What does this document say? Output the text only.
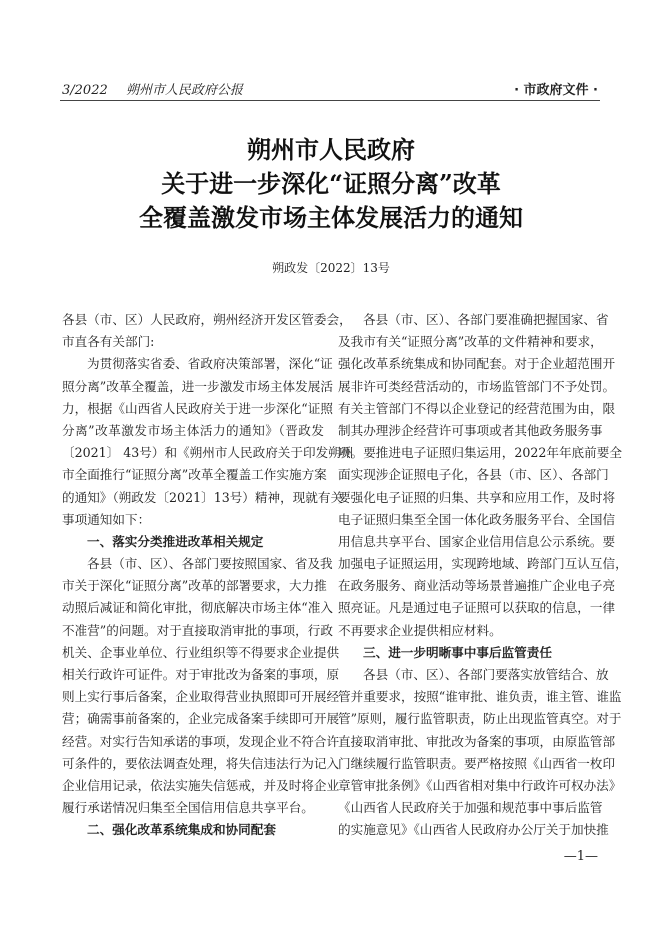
3/2022 朔州市人民政府公报	· 市政府文件 ·
朔州市人民政府
关于进一步深化“证照分离”改革
全覆盖激发市场主体发展活力的通知
朔政发〔2022〕13号
各县（市、区）人民政府，朔州经济开发区管委会，
市直各有关部门:
为贯彻落实省委、省政府决策部署，深化“证
照分离”改革全覆盖，进一步激发市场主体发展活
力，根据《山西省人民政府关于进一步深化“证照
分离”改革激发市场主体活力的通知》（晋政发
〔2021〕 43号）和《朔州市人民政府关于印发朔州
市全面推行“证照分离”改革全覆盖工作实施方案
的通知》（朔政发〔2021〕13号）精神，现就有关
事项通知如下：
一、落实分类推进改革相关规定
各县（市、区）、各部门要按照国家、省及我
市关于深化“证照分离”改革的部署要求，大力推
动照后减证和简化审批，彻底解决市场主体“准入
不准营”的问题。对于直接取消审批的事项，行政
机关、企事业单位、行业组织等不得要求企业提供
相关行政许可证件。对于审批改为备案的事项，原
则上实行事后备案，企业取得营业执照即可开展经
营；确需事前备案的，企业完成备案手续即可开展
经营。对实行告知承诺的事项，发现企业不符合许
可条件的，要依法调查处理，将失信违法行为记入
企业信用记录，依法实施失信惩戒，并及时将企业
履行承诺情况归集至全国信用信息共享平台。
二、强化改革系统集成和协同配套
各县（市、区）、各部门要准确把握国家、省
及我市有关“证照分离”改革的文件精神和要求，
强化改革系统集成和协同配套。对于企业超范围开
展非许可类经营活动的，市场监管部门不予处罚。
有关主管部门不得以企业登记的经营范围为由，限
制其办理涉企经营许可事项或者其他政务服务事
项。要推进电子证照归集运用，2022年年底前要全
面实现涉企证照电子化，各县（市、区）、各部门
要强化电子证照的归集、共享和应用工作，及时将
电子证照归集至全国一体化政务服务平台、全国信
用信息共享平台、国家企业信用信息公示系统。要
加强电子证照运用，实现跨地域、跨部门互认互信，
在政务服务、商业活动等场景普遍推广企业电子亮
照亮证。凡是通过电子证照可以获取的信息，一律
不再要求企业提供相应材料。
三、进一步明晰事中事后监管责任
各县（市、区）、各部门要落实放管结合、放
管并重要求，按照“谁审批、谁负责，谁主管、谁监
管”原则，履行监管职责，防止出现监管真空。对于
直接取消审批、审批改为备案的事项，由原监管部
门继续履行监管职责。要严格按照《山西省一枚印
章管审批条例》《山西省相对集中行政许可权办法》
《山西省人民政府关于加强和规范事中事后监管
的实施意见》《山西省人民政府办公厅关于加快推
—1—
